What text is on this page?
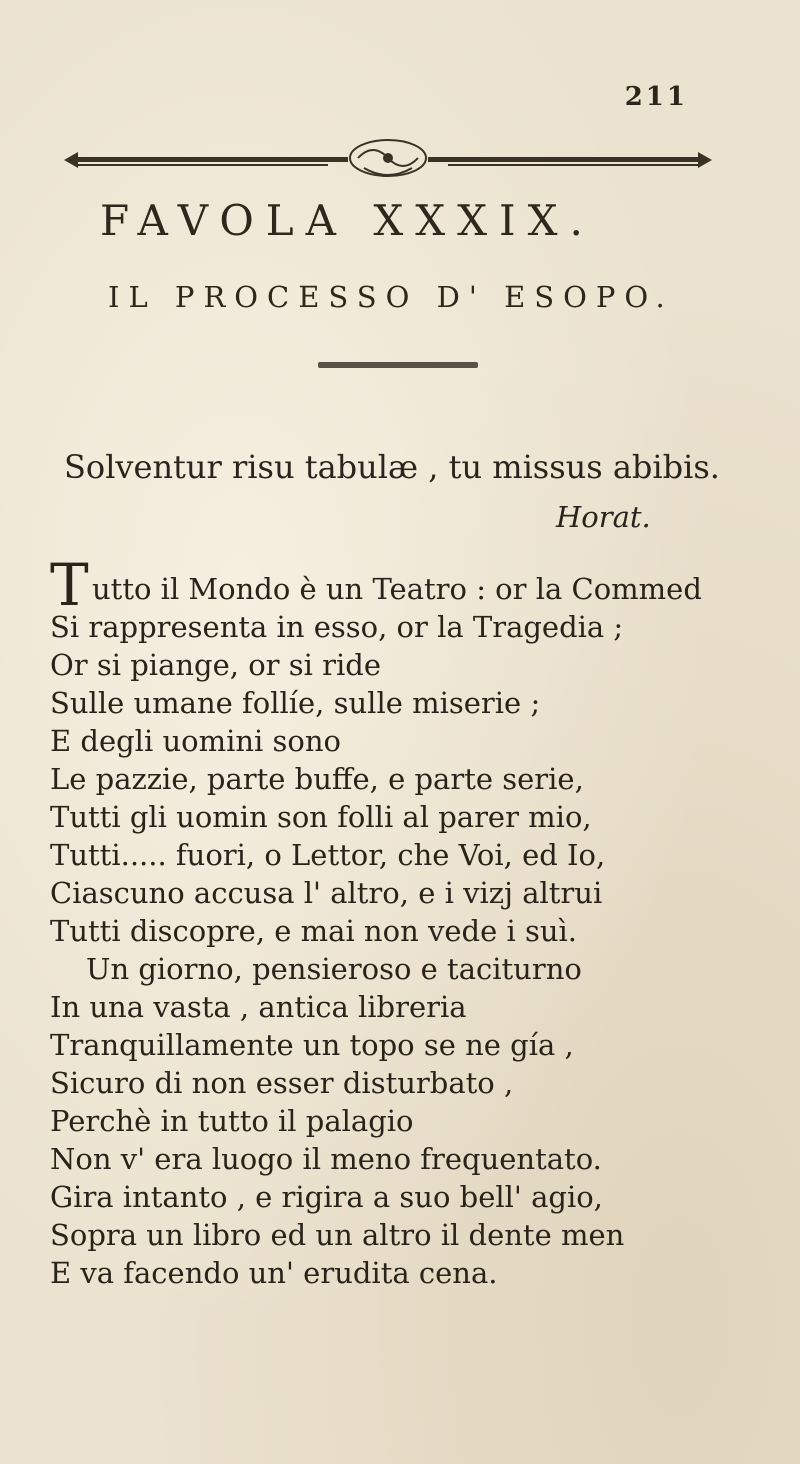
211
FAVOLA XXXIX.
IL PROCESSO D' ESOPO.
Solventur risu tabulæ , tu missus abibis.
Horat.
T utto il Mondo è un Teatro : or la Commed
Si rappresenta in esso, or la Tragedia ;
Or si piange, or si ride
Sulle umane follíe, sulle miserie ;
E degli uomini sono
Le pazzie, parte buffe, e parte serie,
Tutti gli uomin son folli al parer mio,
Tutti..... fuori, o Lettor, che Voi, ed Io,
Ciascuno accusa l' altro, e i vizj altrui
Tutti discopre, e mai non vede i suì.
Un giorno, pensieroso e taciturno
In una vasta , antica libreria
Tranquillamente un topo se ne gía ,
Sicuro di non esser disturbato ,
Perchè in tutto il palagio
Non v' era luogo il meno frequentato.
Gira intanto , e rigira a suo bell' agio,
Sopra un libro ed un altro il dente men
E va facendo un' erudita cena.
